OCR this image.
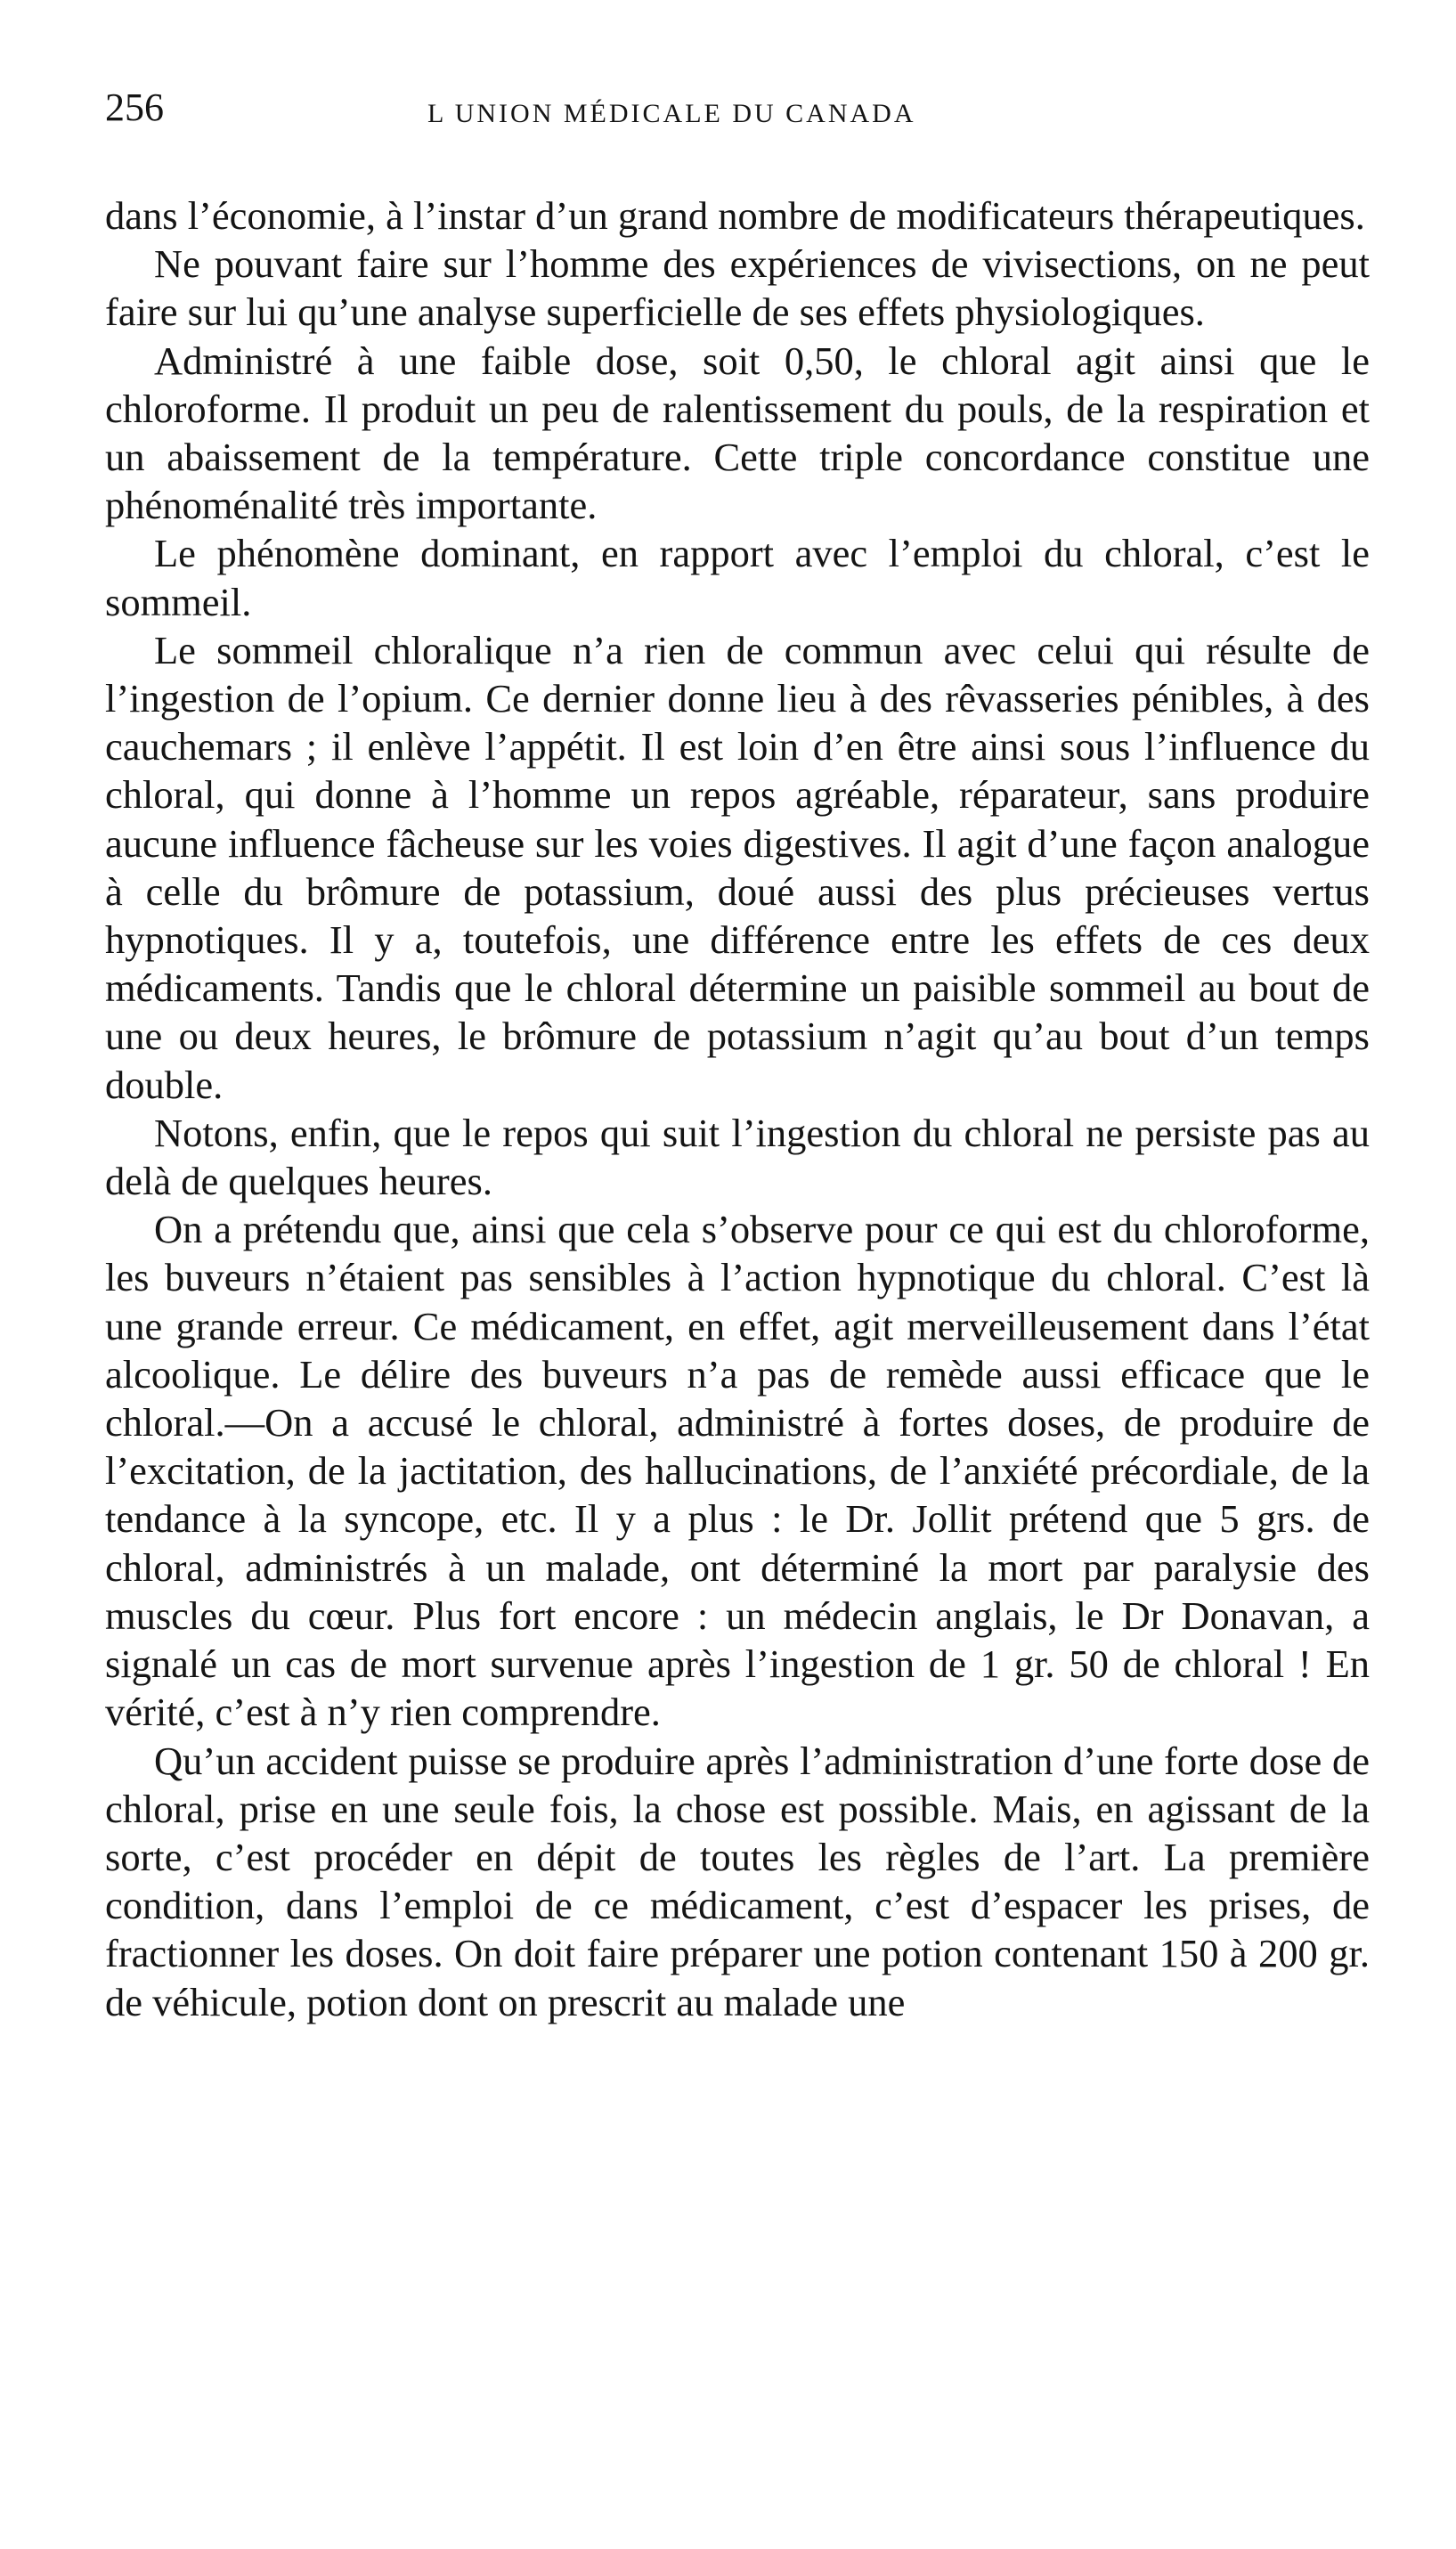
256	L UNION MÉDICALE DU CANADA

dans l’économie, à l’instar d’un grand nombre de modificateurs thérapeutiques.

Ne pouvant faire sur l’homme des expériences de vivisections, on ne peut faire sur lui qu’une analyse superficielle de ses effets physiologiques.

Administré à une faible dose, soit 0,50, le chloral agit ainsi que le chloroforme. Il produit un peu de ralentissement du pouls, de la respiration et un abaissement de la température. Cette triple concordance constitue une phénoménalité très importante.

Le phénomène dominant, en rapport avec l’emploi du chloral, c’est le sommeil.

Le sommeil chloralique n’a rien de commun avec celui qui résulte de l’ingestion de l’opium. Ce dernier donne lieu à des rêvasseries pénibles, à des cauchemars ; il enlève l’appétit. Il est loin d’en être ainsi sous l’influence du chloral, qui donne à l’homme un repos agréable, réparateur, sans produire aucune influence fâcheuse sur les voies digestives. Il agit d’une façon analogue à celle du brômure de potassium, doué aussi des plus précieuses vertus hypnotiques. Il y a, toutefois, une différence entre les effets de ces deux médicaments. Tandis que le chloral détermine un paisible sommeil au bout de une ou deux heures, le brômure de potassium n’agit qu’au bout d’un temps double.

Notons, enfin, que le repos qui suit l’ingestion du chloral ne persiste pas au delà de quelques heures.

On a prétendu que, ainsi que cela s’observe pour ce qui est du chloroforme, les buveurs n’étaient pas sensibles à l’action hypnotique du chloral. C’est là une grande erreur. Ce médicament, en effet, agit merveilleusement dans l’état alcoolique. Le délire des buveurs n’a pas de remède aussi efficace que le chloral.—On a accusé le chloral, administré à fortes doses, de produire de l’excitation, de la jactitation, des hallucinations, de l’anxiété précordiale, de la tendance à la syncope, etc. Il y a plus : le Dr. Jollit prétend que 5 grs. de chloral, administrés à un malade, ont déterminé la mort par paralysie des muscles du cœur. Plus fort encore : un médecin anglais, le Dr Donavan, a signalé un cas de mort survenue après l’ingestion de 1 gr. 50 de chloral ! En vérité, c’est à n’y rien comprendre.

Qu’un accident puisse se produire après l’administration d’une forte dose de chloral, prise en une seule fois, la chose est possible. Mais, en agissant de la sorte, c’est procéder en dépit de toutes les règles de l’art. La première condition, dans l’emploi de ce médicament, c’est d’espacer les prises, de fractionner les doses. On doit faire préparer une potion contenant 150 à 200 gr. de véhicule, potion dont on prescrit au malade une
